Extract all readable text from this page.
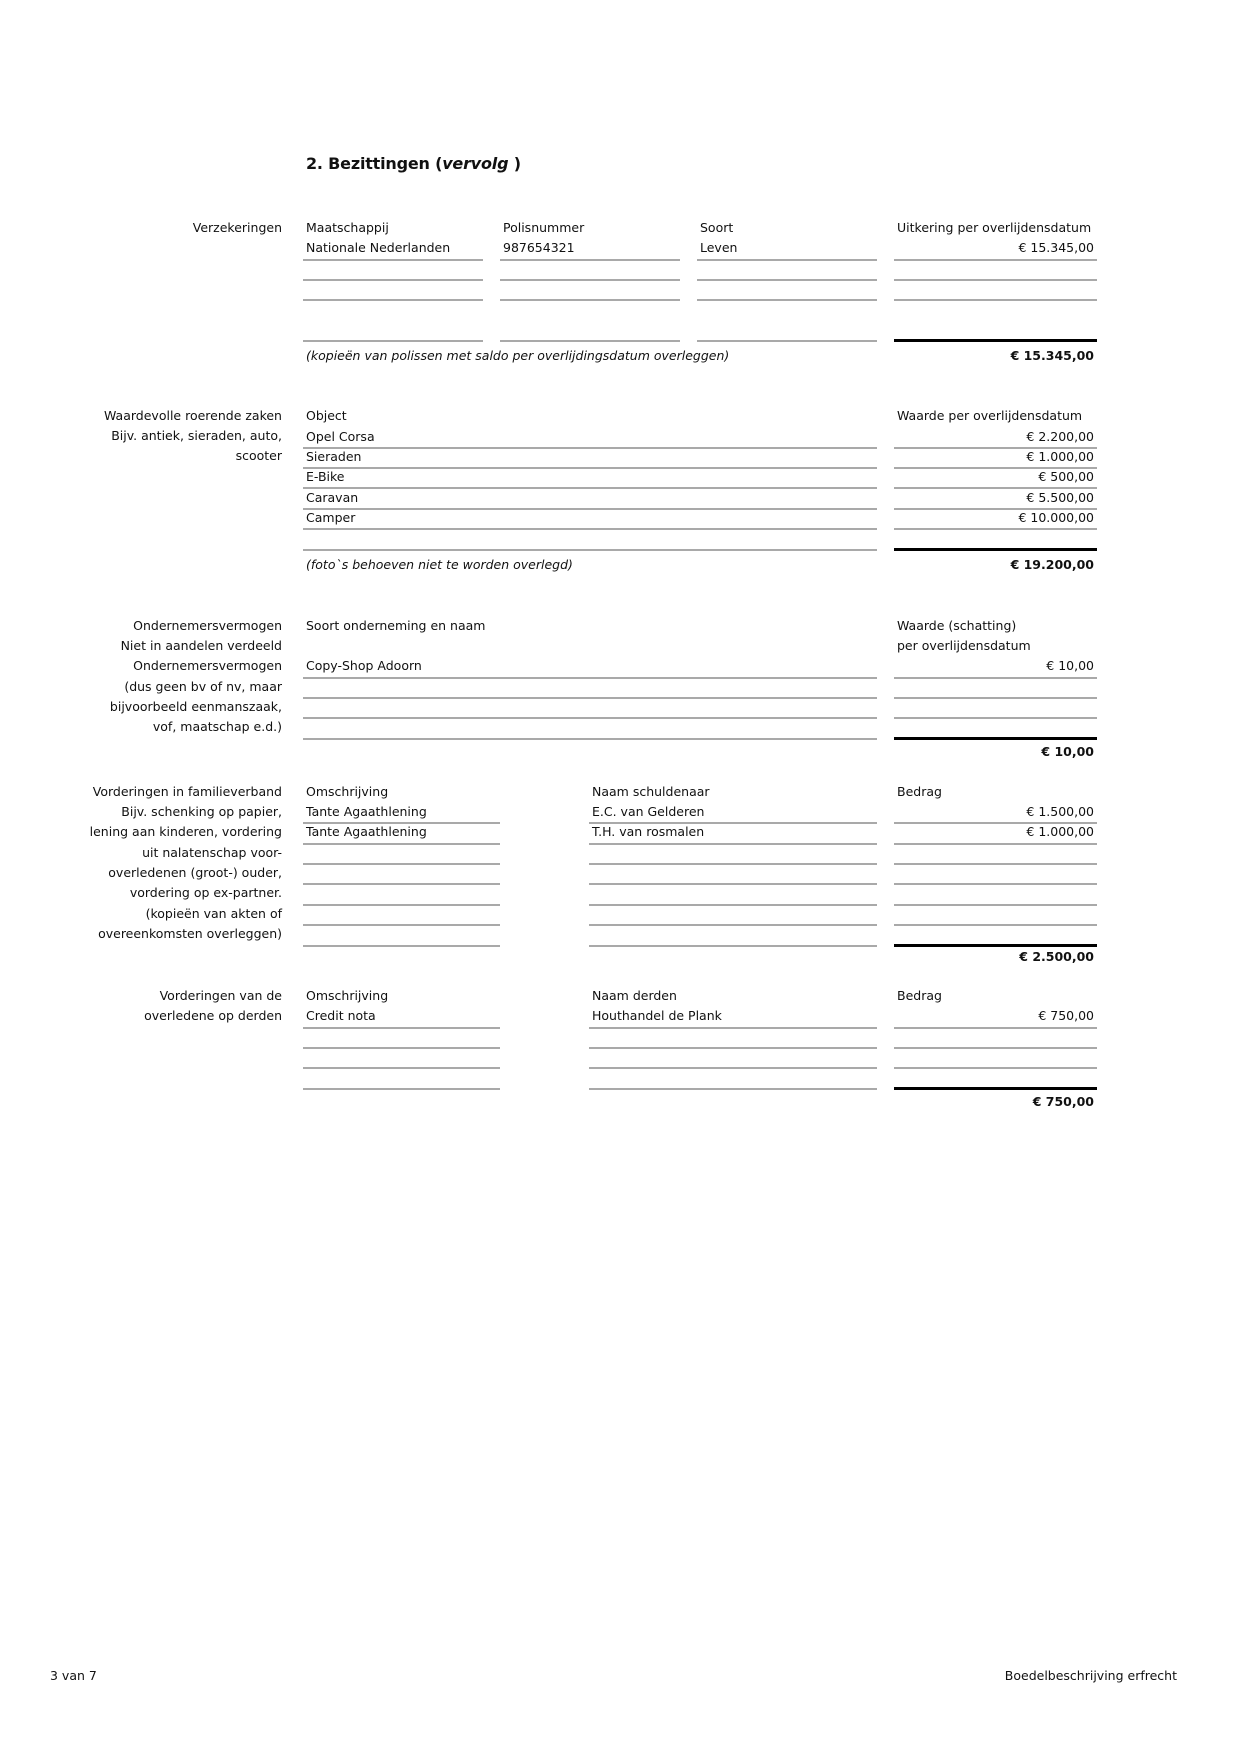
2. Bezittingen (vervolg )
Verzekeringen Maatschappij	Polisnummer	Soort	Uitkering per overlijdensdatum
Nationale Nederlanden	987654321	Leven	€ 15.345,00
(kopieën van polissen met saldo per overlijdingsdatum overleggen)	€ 15.345,00
Waardevolle roerende zaken
Bijv. antiek, sieraden, auto,
scooter
Object	Waarde per overlijdensdatum
Opel Corsa	€ 2.200,00
Sieraden	€ 1.000,00
E-Bike	€ 500,00
Caravan	€ 5.500,00
Camper	€ 10.000,00
(foto`s behoeven niet te worden overlegd)	€ 19.200,00
Ondernemersvermogen
Niet in aandelen verdeeld
Ondernemersvermogen
(dus geen bv of nv, maar
bijvoorbeeld eenmanszaak,
vof, maatschap e.d.)
Soort onderneming en naam	Waarde (schatting)
per overlijdensdatum
Copy-Shop Adoorn	€ 10,00
€ 10,00
Vorderingen in familieverband
Bijv. schenking op papier,
lening aan kinderen, vordering
uit nalatenschap voor-
overledenen (groot-) ouder,
vordering op ex-partner.
(kopieën van akten of
overeenkomsten overleggen)
Omschrijving	Naam schuldenaar	Bedrag
Tante Agaathlening	E.C. van Gelderen	€ 1.500,00
Tante Agaathlening	T.H. van rosmalen	€ 1.000,00
€ 2.500,00
Vorderingen van de
overledene op derden
Omschrijving	Naam derden	Bedrag
Credit nota	Houthandel de Plank	€ 750,00
€ 750,00
3 van 7	Boedelbeschrijving erfrecht
